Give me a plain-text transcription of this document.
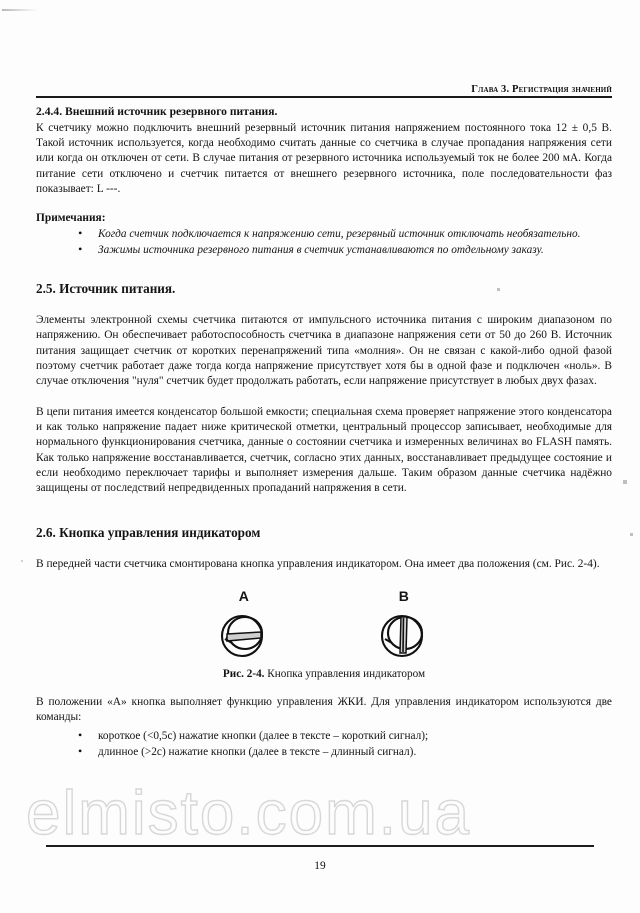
Глава 3. Регистрация значений
2.4.4. Внешний источник резервного питания.

К счетчику можно подключить внешний резервный источник питания напряжением постоянного тока 12 ± 0,5 В. Такой источник используется, когда необходимо считать данные со счетчика в случае пропадания напряжения сети или когда он отключен от сети. В случае питания от резервного источника используемый ток не более 200 мА. Когда питание сети отключено и счетчик питается от внешнего резервного источника, поле последовательности фаз показывает: L ---.

Примечания:

• Когда счетчик подключается к напряжению сети, резервный источник отключать необязательно.
• Зажимы источника резервного питания в счетчик устанавливаются по отдельному заказу.
2.5. Источник питания.

Элементы электронной схемы счетчика питаются от импульсного источника питания с широким диапазоном по напряжению. Он обеспечивает работоспособность счетчика в диапазоне напряжения сети от 50 до 260 В. Источник питания защищает счетчик от коротких перенапряжений типа «молния». Он не связан с какой-либо одной фазой поэтому счетчик работает даже тогда когда напряжение присутствует хотя бы в одной фазе и подключен «ноль». В случае отключения "нуля" счетчик будет продолжать работать, если напряжение присутствует в любых двух фазах.

В цепи питания имеется конденсатор большой емкости; специальная схема проверяет напряжение этого конденсатора и как только напряжение падает ниже критической отметки, центральный процессор записывает, необходимые для нормального функционирования счетчика, данные о состоянии счетчика и измеренных величинах во FLASH память. Как только напряжение восстанавливается, счетчик, согласно этих данных, восстанавливает предыдущее состояние и если необходимо переключает тарифы и выполняет измерения дальше. Таким образом данные счетчика надёжно защищены от последствий непредвиденных пропаданий напряжения в сети.

2.6. Кнопка управления индикатором

В передней части счетчика смонтирована кнопка управления индикатором. Она имеет два положения (см. Рис. 2-4).

A	B
Рис. 2-4. Кнопка управления индикатором

В положении «А» кнопка выполняет функцию управления ЖКИ. Для управления индикатором используются две команды:

• короткое (<0,5с) нажатие кнопки (далее в тексте – короткий сигнал);
• длинное (>2с) нажатие кнопки (далее в тексте – длинный сигнал).
elmisto.com.ua
19
